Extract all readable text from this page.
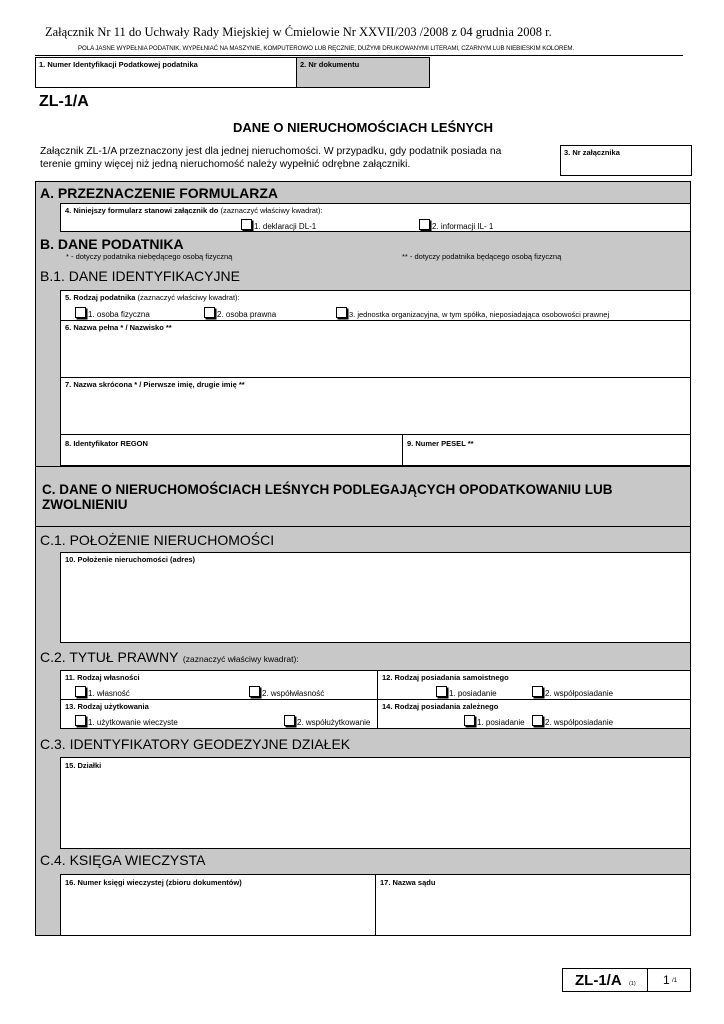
Załącznik Nr 11 do Uchwały Rady Miejskiej w Ćmielowie Nr XXVII/203 /2008 z 04 grudnia 2008 r.
POLA JASNE WYPEŁNIA PODATNIK. WYPEŁNIAĆ NA MASZYNIE, KOMPUTEROWO LUB RĘCZNIE, DUŻYMI DRUKOWANYMI LITERAMI, CZARNYM LUB NIEBIESKIM KOLOREM.
1. Numer Identyfikacji Podatkowej podatnika	2. Nr dokumentu
ZL-1/A
DANE O NIERUCHOMOŚCIACH LEŚNYCH
Załącznik ZL-1/A przeznaczony jest dla jednej nieruchomości. W przypadku, gdy podatnik posiada na
terenie gminy więcej niż jedną nieruchomość należy wypełnić odrębne załączniki.
3. Nr załącznika
A. PRZEZNACZENIE FORMULARZA
4. Niniejszy formularz stanowi załącznik do (zaznaczyć właściwy kwadrat):
1. deklaracji DL-1	2. informacji IL- 1
B. DANE PODATNIKA
* - dotyczy podatnika niebędącego osobą fizyczną	** - dotyczy podatnika będącego osobą fizyczną
B.1. DANE IDENTYFIKACYJNE
5. Rodzaj podatnika (zaznaczyć właściwy kwadrat):
1. osoba fizyczna	2. osoba prawna	3. jednostka organizacyjna, w tym spółka, nieposiadająca osobowości prawnej
6. Nazwa pełna * / Nazwisko **
7. Nazwa skrócona * / Pierwsze imię, drugie imię **
8. Identyfikator REGON	9. Numer PESEL **
C. DANE O NIERUCHOMOŚCIACH LEŚNYCH PODLEGAJĄCYCH OPODATKOWANIU LUB ZWOLNIENIU
C.1. POŁOŻENIE NIERUCHOMOŚCI
10. Położenie nieruchomości (adres)
C.2. TYTUŁ PRAWNY (zaznaczyć właściwy kwadrat):
11. Rodzaj własności
1. własność	2. współwłasność
12. Rodzaj posiadania samoistnego
1. posiadanie	2. współposiadanie
13. Rodzaj użytkowania
1. użytkowanie wieczyste	2. współużytkowanie
14. Rodzaj posiadania zależnego
1. posiadanie	2. współposiadanie
C.3. IDENTYFIKATORY GEODEZYJNE DZIAŁEK
15. Działki
C.4. KSIĘGA WIECZYSTA
16. Numer księgi wieczystej (zbioru dokumentów)	17. Nazwa sądu
ZL-1/A (1) 1 /1
